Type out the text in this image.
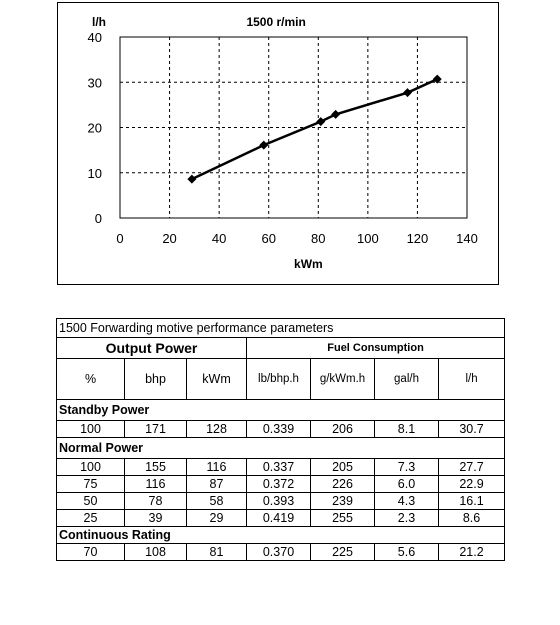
0	20	40	60	80 100 120 140
0
10
20
30
40
1500 r/min
l/h
kWm
1500 Forwarding motive performance parameters						
Output Power			Fuel Consumption			
%	bhp	kWm	lb/bhp.h	g/kWm.h	gal/h	l/h
Standby Power						
100	171	128	0.339	206	8.1	30.7
Normal Power						
100	155	116	0.337	205	7.3	27.7
75	116	87	0.372	226	6.0	22.9
50	78	58	0.393	239	4.3	16.1
25	39	29	0.419	255	2.3	8.6
Continuous Rating						
70	108	81	0.370	225	5.6	21.2
